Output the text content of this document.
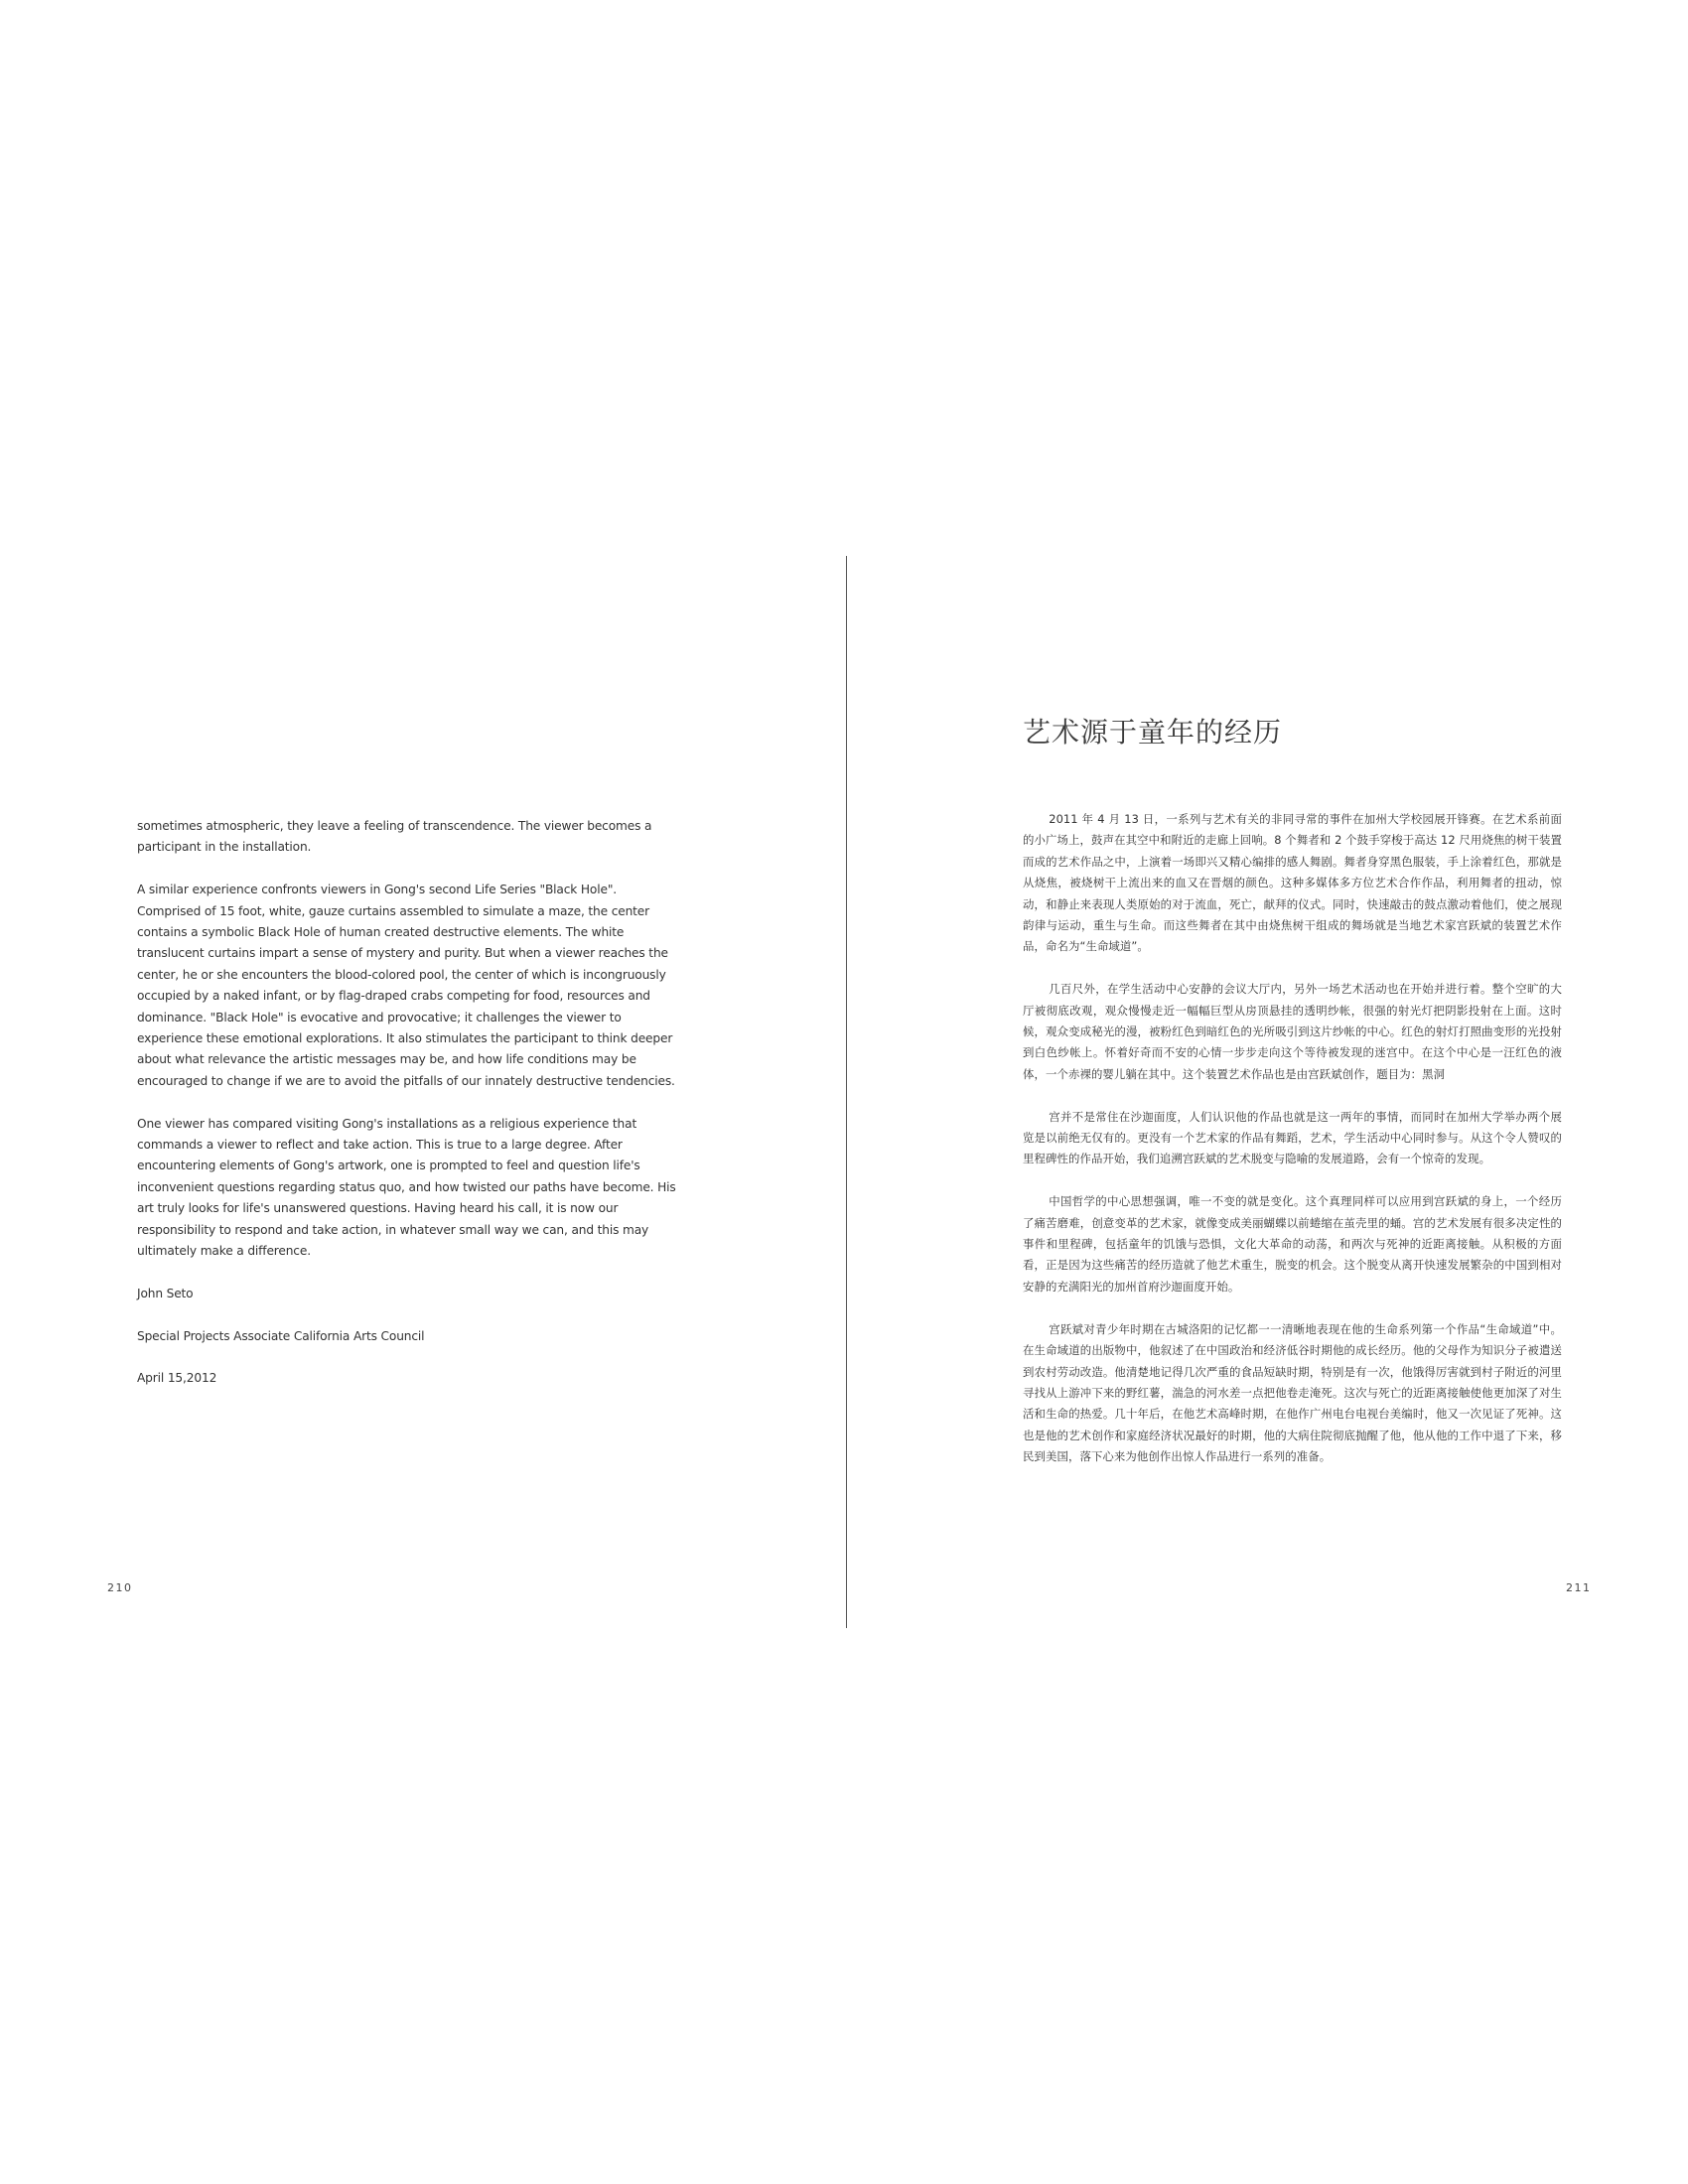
sometimes atmospheric, they leave a feeling of transcendence. The viewer becomes a participant in the installation.

A similar experience confronts viewers in Gong's second Life Series "Black Hole". Comprised of 15 foot, white, gauze curtains assembled to simulate a maze, the center contains a symbolic Black Hole of human created destructive elements. The white translucent curtains impart a sense of mystery and purity. But when a viewer reaches the center, he or she encounters the blood-colored pool, the center of which is incongruously occupied by a naked infant, or by flag-draped crabs competing for food, resources and dominance. "Black Hole" is evocative and provocative; it challenges the viewer to experience these emotional explorations. It also stimulates the participant to think deeper about what relevance the artistic messages may be, and how life conditions may be encouraged to change if we are to avoid the pitfalls of our innately destructive tendencies.

One viewer has compared visiting Gong's installations as a religious experience that commands a viewer to reflect and take action. This is true to a large degree. After encountering elements of Gong's artwork, one is prompted to feel and question life's inconvenient questions regarding status quo, and how twisted our paths have become. His art truly looks for life's unanswered questions. Having heard his call, it is now our responsibility to respond and take action, in whatever small way we can, and this may ultimately make a difference.

John Seto
Special Projects Associate California Arts Council
April 15,2012
210
艺术源于童年的经历

2011 年 4 月 13 日，一系列与艺术有关的非同寻常的事件在加州大学校园展开锋赛。在艺术系前面的小广场上，鼓声在其空中和附近的走廊上回响。8 个舞者和 2 个鼓手穿梭于高达 12 尺用烧焦的树干装置而成的艺术作品之中，上演着一场即兴又精心编排的感人舞剧。舞者身穿黑色服装，手上涂着红色，那就是从烧焦，被烧树干上流出来的血又在晋烟的颜色。这种多媒体多方位艺术合作作品，利用舞者的扭动，惊动，和静止来表现人类原始的对于流血，死亡，献拜的仪式。同时，快速敲击的鼓点激动着他们，使之展现韵律与运动，重生与生命。而这些舞者在其中由烧焦树干组成的舞场就是当地艺术家宫跃斌的装置艺术作品，命名为“生命域道”。

几百尺外，在学生活动中心安静的会议大厅内，另外一场艺术活动也在开始并进行着。整个空旷的大厅被彻底改观，观众慢慢走近一幅幅巨型从房顶悬挂的透明纱帐，很强的射光灯把阴影投射在上面。这时候，观众变成秘光的漫，被粉红色到暗红色的光所吸引到这片纱帐的中心。红色的射灯打照曲变形的光投射到白色纱帐上。怀着好奇而不安的心情一步步走向这个等待被发现的迷宫中。在这个中心是一汪红色的液体，一个赤裸的婴儿躺在其中。这个装置艺术作品也是由宫跃斌创作，题目为：黑洞

宫并不是常住在沙迦面度，人们认识他的作品也就是这一两年的事情，而同时在加州大学举办两个展览是以前绝无仅有的。更没有一个艺术家的作品有舞蹈，艺术，学生活动中心同时参与。从这个令人赞叹的里程碑性的作品开始，我们追溯宫跃斌的艺术脱变与隐喻的发展道路，会有一个惊奇的发现。

中国哲学的中心思想强调，唯一不变的就是变化。这个真理同样可以应用到宫跃斌的身上，一个经历了痛苦磨难，创意变革的艺术家，就像变成美丽蝴蝶以前蜷缩在茧壳里的蛹。宫的艺术发展有很多决定性的事件和里程碑，包括童年的饥饿与恐惧，文化大革命的动荡，和两次与死神的近距离接触。从积极的方面看，正是因为这些痛苦的经历造就了他艺术重生，脱变的机会。这个脱变从离开快速发展繁杂的中国到相对安静的充满阳光的加州首府沙迦面度开始。

宫跃斌对青少年时期在古城洛阳的记忆都一一清晰地表现在他的生命系列第一个作品“生命域道”中。在生命域道的出版物中，他叙述了在中国政治和经济低谷时期他的成长经历。他的父母作为知识分子被遣送到农村劳动改造。他清楚地记得几次严重的食品短缺时期，特别是有一次，他饿得厉害就到村子附近的河里寻找从上游冲下来的野红薯，湍急的河水差一点把他卷走淹死。这次与死亡的近距离接触使他更加深了对生活和生命的热爱。几十年后，在他艺术高峰时期，在他作广州电台电视台美编时，他又一次见证了死神。这也是他的艺术创作和家庭经济状况最好的时期，他的大病住院彻底抛醒了他，他从他的工作中退了下来，移民到美国，落下心来为他创作出惊人作品进行一系列的准备。

211
